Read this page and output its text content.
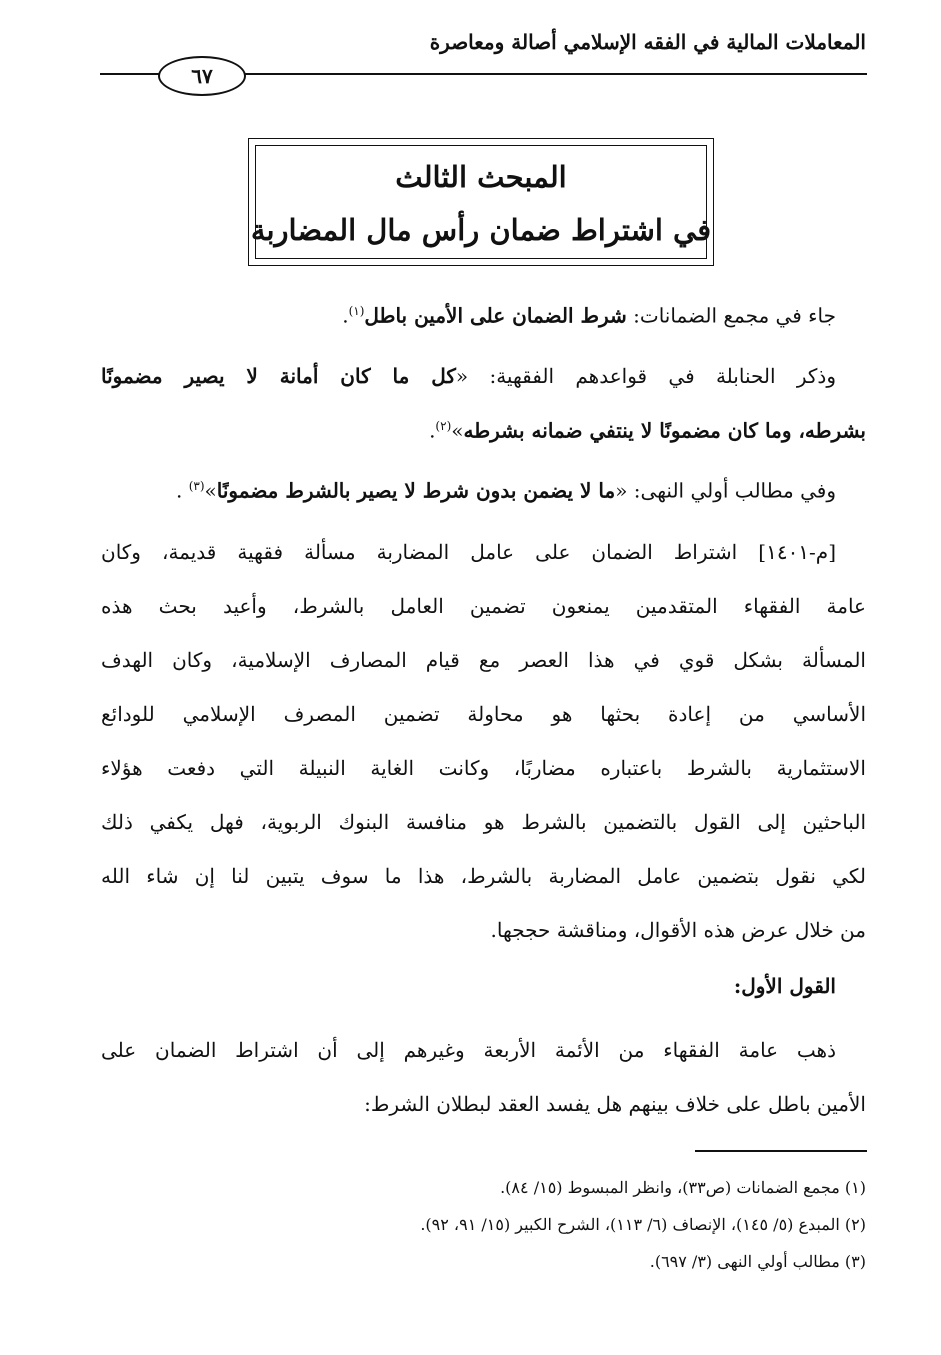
المعاملات المالية في الفقه الإسلامي أصالة ومعاصرة
٦٧
المبحث الثالث
في اشتراط ضمان رأس مال المضاربة
جاء في مجمع الضمانات: شرط الضمان على الأمين باطل$^{(١)}$.
وذكر الحنابلة في قواعدهم الفقهية: «كل ما كان أمانة لا يصير مضمونًا
بشرطه، وما كان مضمونًا لا ينتفي ضمانه بشرطه»$^{(٢)}$.
وفي مطالب أولي النهى: «ما لا يضمن بدون شرط لا يصير بالشرط مضمونًا»$^{(٣)}$ .
[م-١٤٠١] اشتراط الضمان على عامل المضاربة مسألة فقهية قديمة، وكان
عامة الفقهاء المتقدمين يمنعون تضمين العامل بالشرط، وأعيد بحث هذه
المسألة بشكل قوي في هذا العصر مع قيام المصارف الإسلامية، وكان الهدف
الأساسي من إعادة بحثها هو محاولة تضمين المصرف الإسلامي للودائع
الاستثمارية بالشرط باعتباره مضاربًا، وكانت الغاية النبيلة التي دفعت هؤلاء
الباحثين إلى القول بالتضمين بالشرط هو منافسة البنوك الربوية، فهل يكفي ذلك
لكي نقول بتضمين عامل المضاربة بالشرط، هذا ما سوف يتبين لنا إن شاء الله
من خلال عرض هذه الأقوال، ومناقشة حججها.
القول الأول:
ذهب عامة الفقهاء من الأئمة الأربعة وغيرهم إلى أن اشتراط الضمان على
الأمين باطل على خلاف بينهم هل يفسد العقد لبطلان الشرط:
(١) مجمع الضمانات (ص٣٣)، وانظر المبسوط (١٥/ ٨٤).
(٢) المبدع (٥/ ١٤٥)، الإنصاف (٦/ ١١٣)، الشرح الكبير (١٥/ ٩١، ٩٢).
(٣) مطالب أولي النهى (٣/ ٦٩٧).
